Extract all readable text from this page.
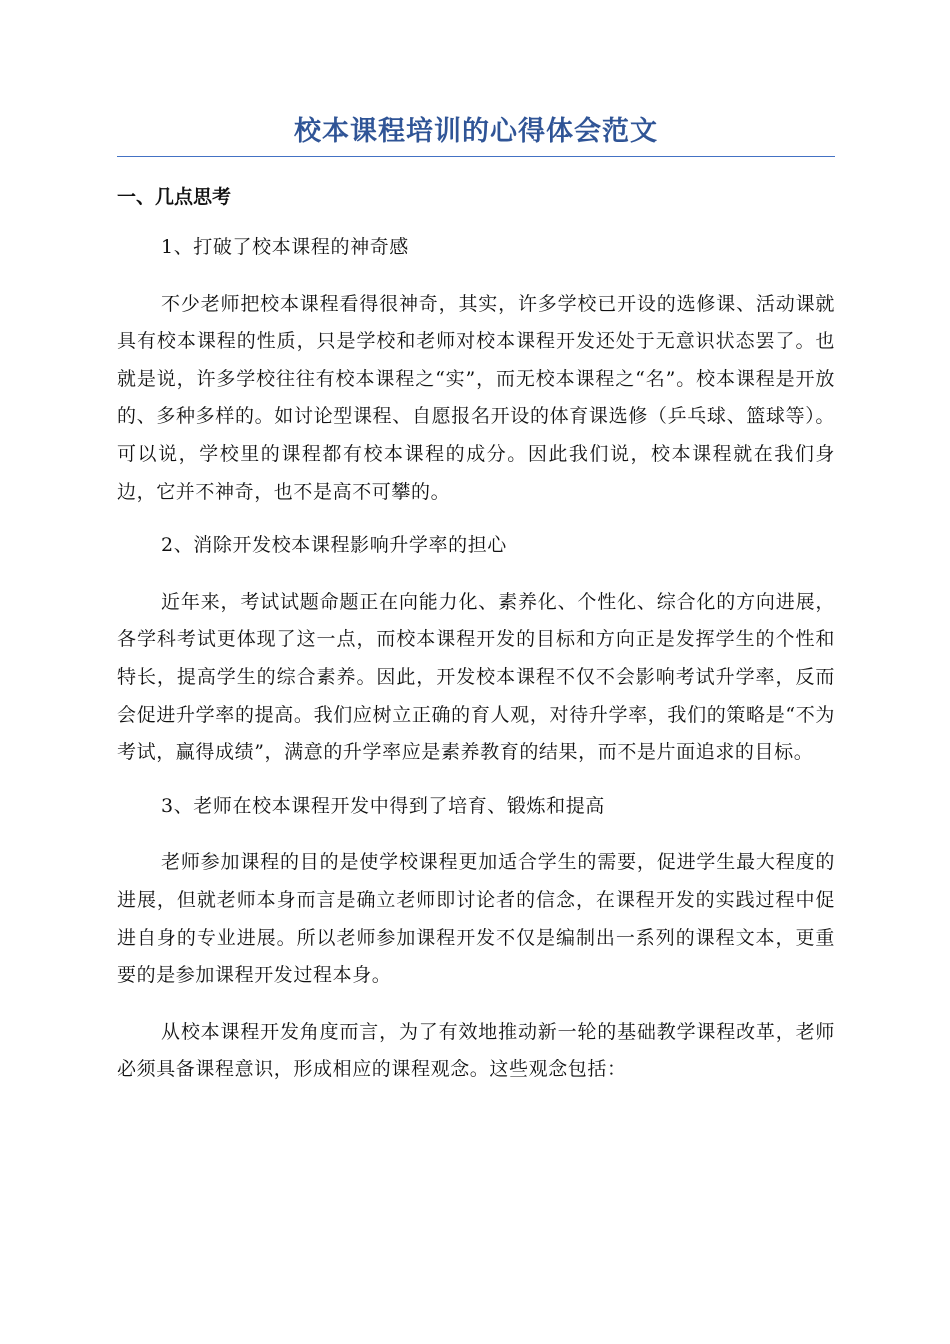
校本课程培训的心得体会范文
一、几点思考

1、打破了校本课程的神奇感

不少老师把校本课程看得很神奇，其实，许多学校已开设的选修课、活动课就具有校本课程的性质，只是学校和老师对校本课程开发还处于无意识状态罢了。也就是说，许多学校往往有校本课程之“实”，而无校本课程之“名”。校本课程是开放的、多种多样的。如讨论型课程、自愿报名开设的体育课选修（乒乓球、篮球等）。可以说，学校里的课程都有校本课程的成分。因此我们说，校本课程就在我们身边，它并不神奇，也不是高不可攀的。

2、消除开发校本课程影响升学率的担心

近年来，考试试题命题正在向能力化、素养化、个性化、综合化的方向进展，各学科考试更体现了这一点，而校本课程开发的目标和方向正是发挥学生的个性和特长，提高学生的综合素养。因此，开发校本课程不仅不会影响考试升学率，反而会促进升学率的提高。我们应树立正确的育人观，对待升学率，我们的策略是“不为考试，赢得成绩”，满意的升学率应是素养教育的结果，而不是片面追求的目标。

3、老师在校本课程开发中得到了培育、锻炼和提高

老师参加课程的目的是使学校课程更加适合学生的需要，促进学生最大程度的进展，但就老师本身而言是确立老师即讨论者的信念，在课程开发的实践过程中促进自身的专业进展。所以老师参加课程开发不仅是编制出一系列的课程文本，更重要的是参加课程开发过程本身。

从校本课程开发角度而言，为了有效地推动新一轮的基础教学课程改革，老师必须具备课程意识，形成相应的课程观念。这些观念包括：
